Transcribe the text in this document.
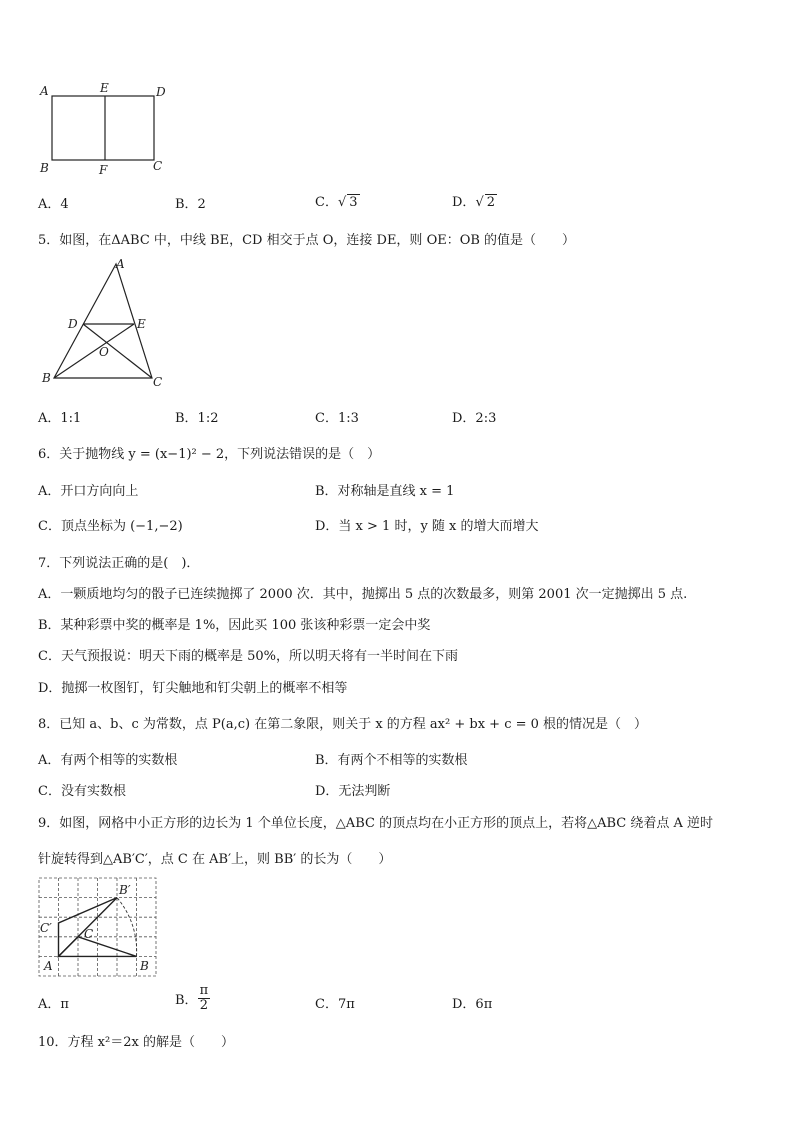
A	E	D
B	F	C
A．4	B．2	C．√ 3	D．√ 2
5．如图，在ΔABC 中，中线 BE，CD 相交于点 O，连接 DE，则 OE：OB 的值是（　　）
A
D	E
O
B	C
A．1:1	B．1:2	C．1:3	D．2:3
6．关于抛物线 y = (x−1)² − 2，下列说法错误的是（　）
A．开口方向向上	B．对称轴是直线 x = 1
C．顶点坐标为 (−1,−2)	D．当 x > 1 时，y 随 x 的增大而增大
7．下列说法正确的是(　)．
A．一颗质地均匀的骰子已连续抛掷了 2000 次．其中，抛掷出 5 点的次数最多，则第 2001 次一定抛掷出 5 点.
B．某种彩票中奖的概率是 1%，因此买 100 张该种彩票一定会中奖
C．天气预报说：明天下雨的概率是 50%，所以明天将有一半时间在下雨
D．抛掷一枚图钉，钉尖触地和钉尖朝上的概率不相等
8．已知 a、b、c 为常数，点 P(a,c) 在第二象限，则关于 x 的方程 ax² + bx + c = 0 根的情况是（　）
A．有两个相等的实数根	B．有两个不相等的实数根
C．没有实数根	D．无法判断
9．如图，网格中小正方形的边长为 1 个单位长度，△ABC 的顶点均在小正方形的顶点上，若将△ABC 绕着点 A 逆时
针旋转得到△AB′C′，点 C 在 AB′上，则 BB′ 的长为（　　）
B′
C′	C
A	B
A．π	B． $\frac{\pi}{2}$	C．7π	D．6π
10．方程 x²＝2x 的解是（　　）
